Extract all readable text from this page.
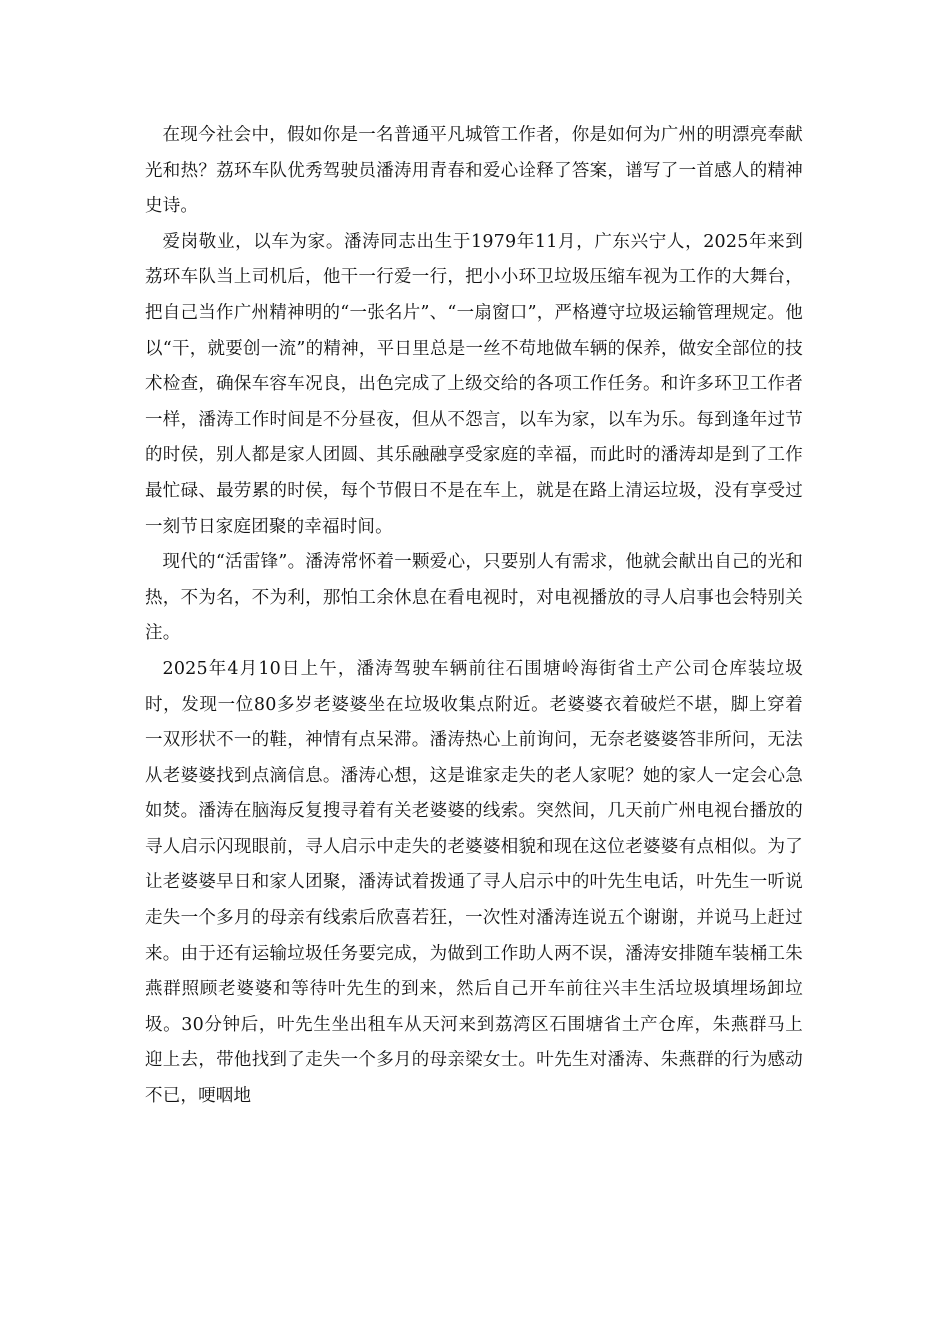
在现今社会中，假如你是一名普通平凡城管工作者，你是如何为广州的明漂亮奉献光和热？荔环车队优秀驾驶员潘涛用青春和爱心诠释了答案，谱写了一首感人的精神史诗。

爱岗敬业，以车为家。潘涛同志出生于1979年11月，广东兴宁人，2025年来到荔环车队当上司机后，他干一行爱一行，把小小环卫垃圾压缩车视为工作的大舞台，把自己当作广州精神明的“一张名片”、“一扇窗口”，严格遵守垃圾运输管理规定。他以“干，就要创一流”的精神，平日里总是一丝不苟地做车辆的保养，做安全部位的技术检查，确保车容车况良，出色完成了上级交给的各项工作任务。和许多环卫工作者一样，潘涛工作时间是不分昼夜，但从不怨言，以车为家，以车为乐。每到逢年过节的时侯，别人都是家人团圆、其乐融融享受家庭的幸福，而此时的潘涛却是到了工作最忙碌、最劳累的时侯，每个节假日不是在车上，就是在路上清运垃圾，没有享受过一刻节日家庭团聚的幸福时间。

现代的“活雷锋”。潘涛常怀着一颗爱心，只要别人有需求，他就会献出自己的光和热，不为名，不为利，那怕工余休息在看电视时，对电视播放的寻人启事也会特别关注。

2025年4月10日上午，潘涛驾驶车辆前往石围塘岭海街省土产公司仓库装垃圾时，发现一位80多岁老婆婆坐在垃圾收集点附近。老婆婆衣着破烂不堪，脚上穿着一双形状不一的鞋，神情有点呆滞。潘涛热心上前询问，无奈老婆婆答非所问，无法从老婆婆找到点滴信息。潘涛心想，这是谁家走失的老人家呢？她的家人一定会心急如焚。潘涛在脑海反复搜寻着有关老婆婆的线索。突然间，几天前广州电视台播放的寻人启示闪现眼前，寻人启示中走失的老婆婆相貌和现在这位老婆婆有点相似。为了让老婆婆早日和家人团聚，潘涛试着拨通了寻人启示中的叶先生电话，叶先生一听说走失一个多月的母亲有线索后欣喜若狂，一次性对潘涛连说五个谢谢，并说马上赶过来。由于还有运输垃圾任务要完成，为做到工作助人两不误，潘涛安排随车装桶工朱燕群照顾老婆婆和等待叶先生的到来，然后自己开车前往兴丰生活垃圾填埋场卸垃圾。30分钟后，叶先生坐出租车从天河来到荔湾区石围塘省土产仓库，朱燕群马上迎上去，带他找到了走失一个多月的母亲梁女士。叶先生对潘涛、朱燕群的行为感动不已，哽咽地
